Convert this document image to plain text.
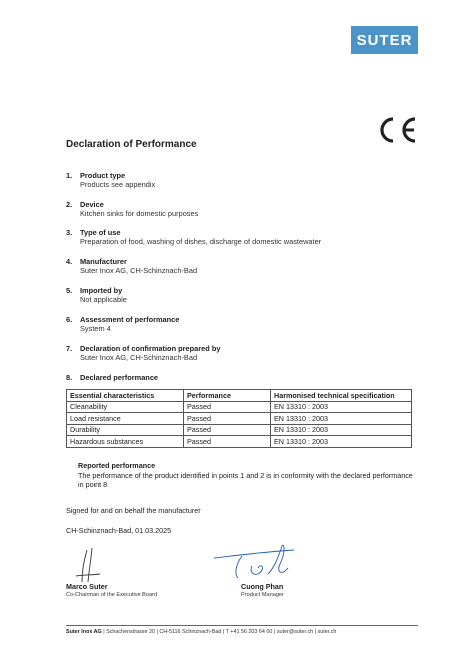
SUTER
Declaration of Performance
1. Product type
Products see appendix
2. Device
Kitchen sinks for domestic purposes
3. Type of use
Preparation of food, washing of dishes, discharge of domestic wastewater
4. Manufacturer
Suter Inox AG, CH-Schinznach-Bad
5. Imported by
Not applicable
6. Assessment of performance
System 4
7. Declaration of confirmation prepared by
Suter Inox AG, CH-Schinznach-Bad
8. Declared performance
Essential characteristics	Performance	Harmonised technical specification
Cleanability	Passed	EN 13310 : 2003
Load resistance	Passed	EN 13310 : 2003
Durability	Passed	EN 13310 : 2003
Hazardous substances	Passed	EN 13310 : 2003
Reported performance
The performance of the product identified in points 1 and 2 is in conformity with the declared performance in point 8
Signed for and on behalf the manufacturer
CH-Schinznach-Bad, 01.03.2025
Marco Suter
Co-Chairman of the Executive Board
Cuong Phan
Product Manager
Suter Inox AG | Schachenstrasse 20 | CH-5116 Schinznach-Bad | T +41 56 203 64 00 | suter@suter.ch | suter.ch
